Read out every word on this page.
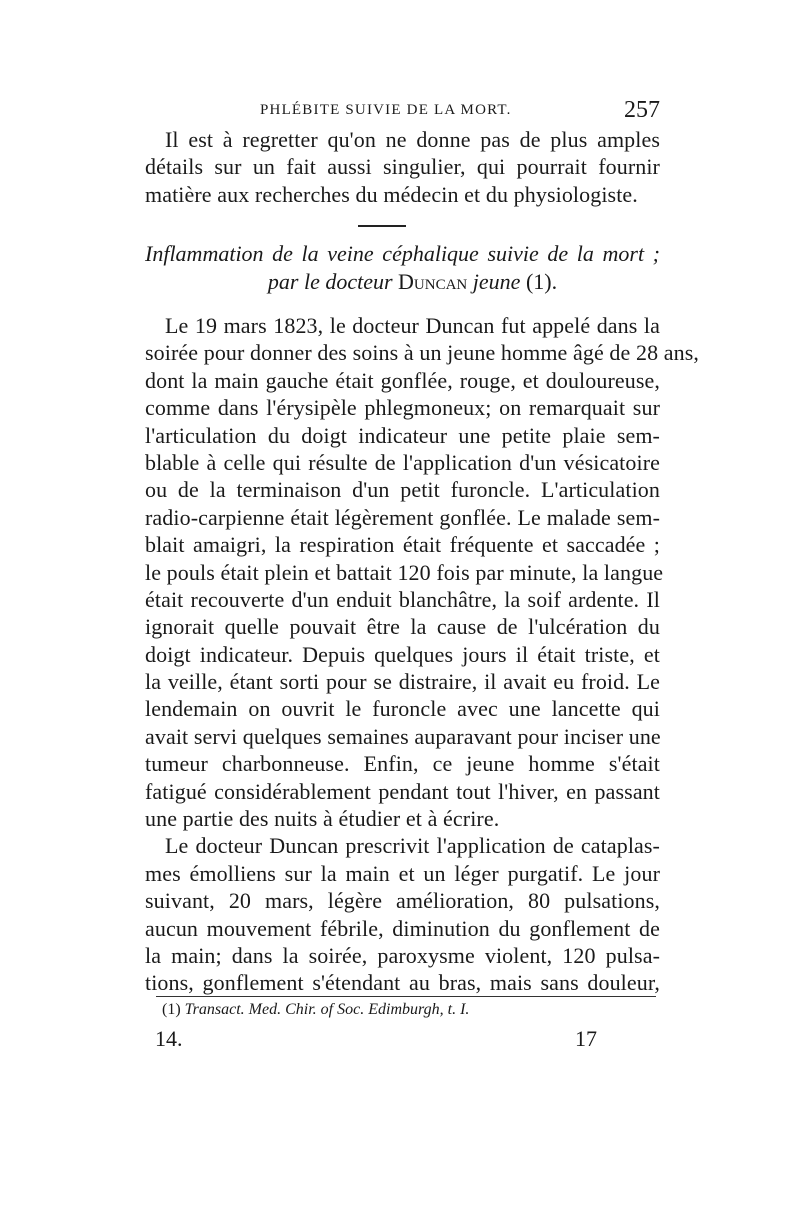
PHLÉBITE SUIVIE DE LA MORT.	257
Il est à regretter qu'on ne donne pas de plus amples
détails sur un fait aussi singulier, qui pourrait fournir
matière aux recherches du médecin et du physiologiste.
Inflammation de la veine céphalique suivie de la mort ;
par le docteur Duncan jeune (1).
Le 19 mars 1823, le docteur Duncan fut appelé dans la
soirée pour donner des soins à un jeune homme âgé de 28 ans,
dont la main gauche était gonflée, rouge, et douloureuse,
comme dans l'érysipèle phlegmoneux; on remarquait sur
l'articulation du doigt indicateur une petite plaie sem-
blable à celle qui résulte de l'application d'un vésicatoire
ou de la terminaison d'un petit furoncle. L'articulation
radio-carpienne était légèrement gonflée. Le malade sem-
blait amaigri, la respiration était fréquente et saccadée ;
le pouls était plein et battait 120 fois par minute, la langue
était recouverte d'un enduit blanchâtre, la soif ardente. Il
ignorait quelle pouvait être la cause de l'ulcération du
doigt indicateur. Depuis quelques jours il était triste, et
la veille, étant sorti pour se distraire, il avait eu froid. Le
lendemain on ouvrit le furoncle avec une lancette qui
avait servi quelques semaines auparavant pour inciser une
tumeur charbonneuse. Enfin, ce jeune homme s'était
fatigué considérablement pendant tout l'hiver, en passant
une partie des nuits à étudier et à écrire.
Le docteur Duncan prescrivit l'application de cataplas-
mes émolliens sur la main et un léger purgatif. Le jour
suivant, 20 mars, légère amélioration, 80 pulsations,
aucun mouvement fébrile, diminution du gonflement de
la main; dans la soirée, paroxysme violent, 120 pulsa-
tions, gonflement s'étendant au bras, mais sans douleur,
(1) Transact. Med. Chir. of Soc. Edimburgh, t. I.
14.	17
